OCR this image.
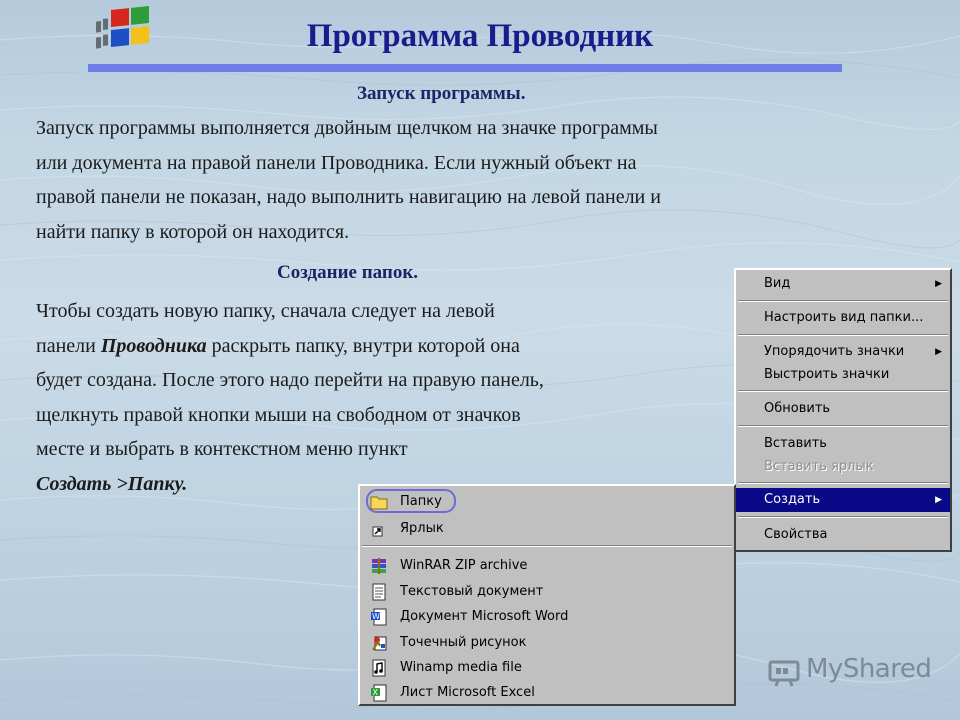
Программа Проводник
Запуск программы.
Запуск программы выполняется двойным щелчком на значке программы
или документа на правой панели Проводника. Если нужный объект на
правой панели не показан, надо выполнить навигацию на левой панели и
найти папку в которой он находится.
Создание папок.
Чтобы создать новую папку, сначала следует на левой
панели Проводника раскрыть папку, внутри которой она
будет создана. После этого надо перейти на правую панель,
щелкнуть правой кнопки мыши на свободном от значков
месте и выбрать в контекстном меню пункт
Создать >Папку.
Вид	▶
Настроить вид папки...
Упорядочить значки	▶
Выстроить значки
Обновить
Вставить
Вставить ярлык
Создать	▶
Свойства
Папку
Ярлык
WinRAR ZIP archive
Текстовый документ
W Документ Microsoft Word
Точечный рисунок
Winamp media file
X Лист Microsoft Excel
MyShared
